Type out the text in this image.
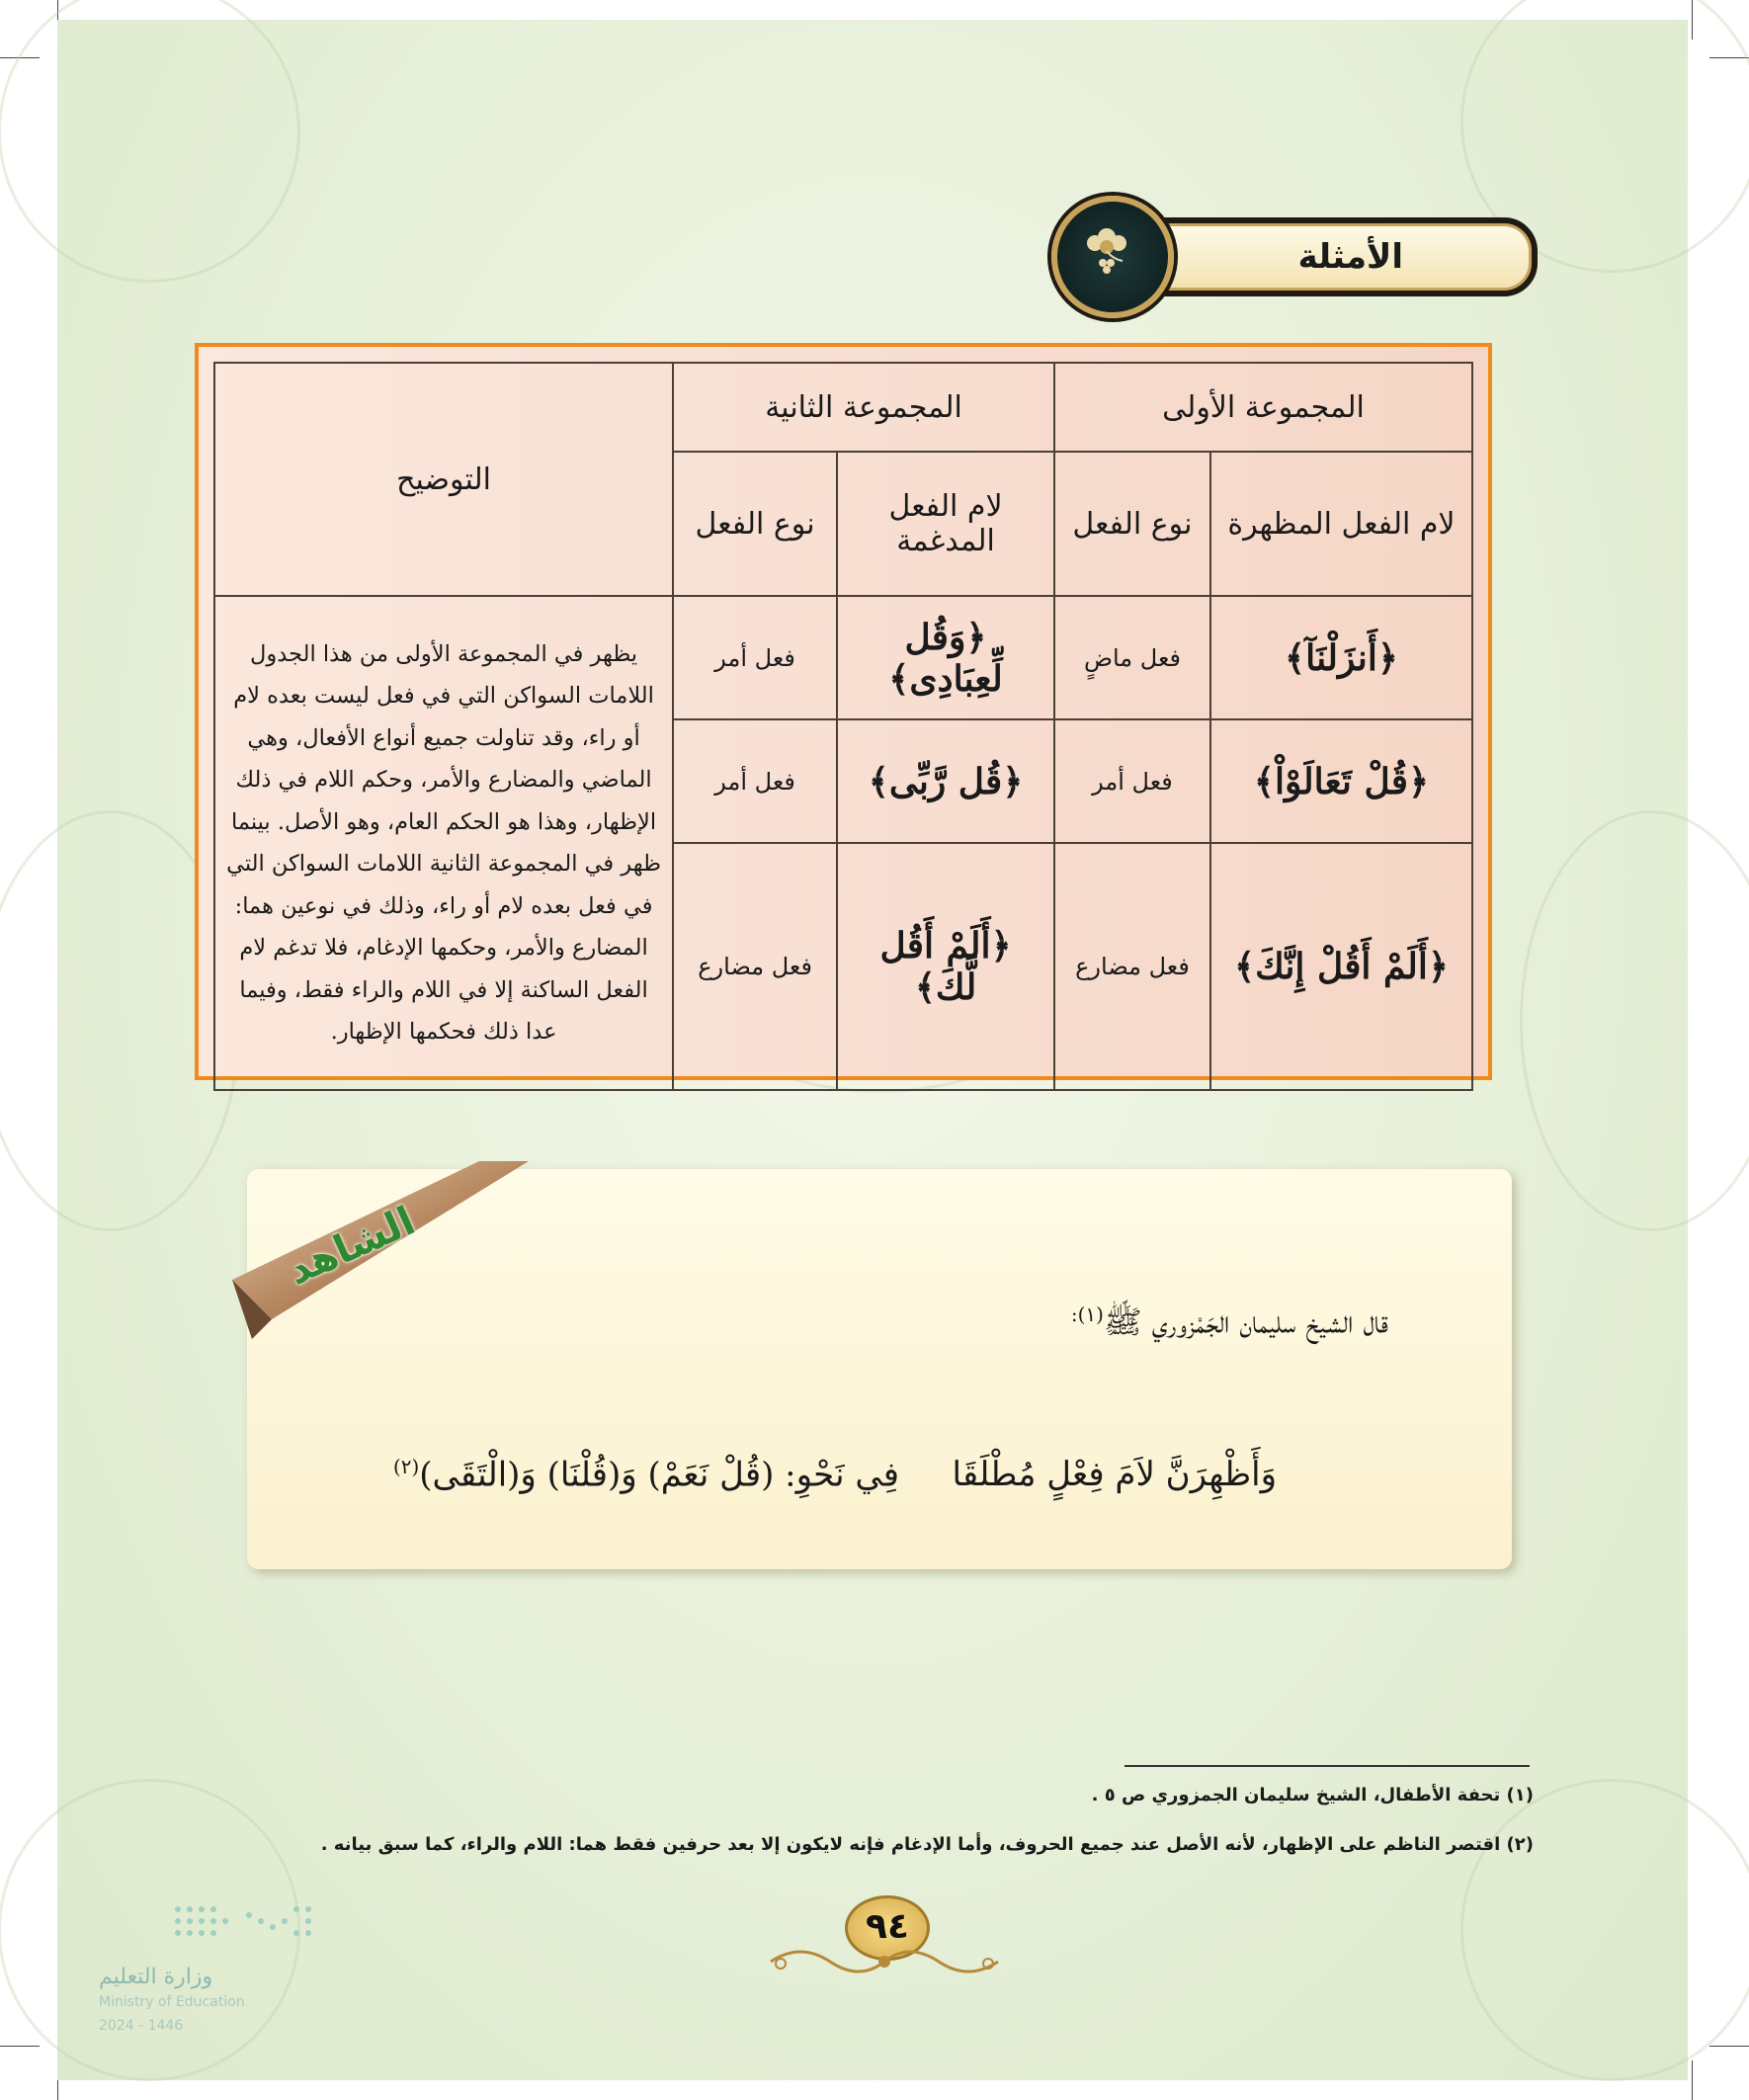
الأمثلة
المجموعة الأولى		المجموعة الثانية		التوضيح
لام الفعل المظهرة	نوع الفعل	لام الفعل المدغمة	نوع الفعل	
﴿أَنزَلْنَآ﴾	فعل ماضٍ	﴿وَقُل لِّعِبَادِى﴾	فعل أمر	يظهر في المجموعة الأولى من هذا الجدول اللامات السواكن التي في فعل ليست بعده لام أو راء، وقد تناولت جميع أنواع الأفعال، وهي الماضي والمضارع والأمر، وحكم اللام في ذلك الإظهار، وهذا هو الحكم العام، وهو الأصل. بينما ظهر في المجموعة الثانية اللامات السواكن التي في فعل بعده لام أو راء، وذلك في نوعين هما: المضارع والأمر، وحكمها الإدغام، فلا تدغم لام الفعل الساكنة إلا في اللام والراء فقط، وفيما عدا ذلك فحكمها الإظهار.
﴿قُلْ تَعَالَوْاْ﴾	فعل أمر	﴿قُل رَّبِّى﴾	فعل أمر	
﴿أَلَمْ أَقُلْ إِنَّكَ﴾	فعل مضارع	﴿أَلَمْ أَقُل لَّكَ﴾	فعل مضارع	
الشاهد
قال الشيخ سليمان الجَمْزوري ﷺ$^{(١):}$
وَأَظْهِرَنَّ لاَمَ فِعْلٍ مُطْلَقَا
فِي نَحْوِ: (قُلْ نَعَمْ) وَ(قُلْنَا) وَ(الْتَقَى)$^{(٢)}$
(١) تحفة الأطفال، الشيخ سليمان الجمزوري ص ٥ .
(٢) اقتصر الناظم على الإظهار، لأنه الأصل عند جميع الحروف، وأما الإدغام فإنه لايكون إلا بعد حرفين فقط هما: اللام والراء، كما سبق بيانه .
٩٤
وزارة التعليم
Ministry of Education
2024 - 1446
